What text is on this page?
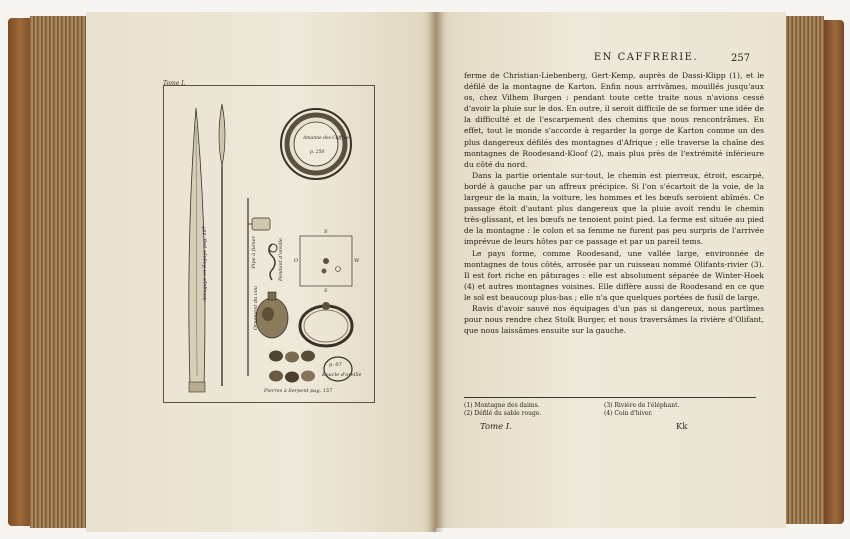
Tome I.
Assagaye ou Zagaye pag. 187
Amanne des Caffres
p. 250
Pipe à fumer	Pendant d'oreille
Ornement du cou
Boucle d'oreille
p. 07
Pierres à Serpent pag. 157
S
S
O	W
EN CAFFRERIE.	257

ferme de Christian-Liebenberg, Gert-Kemp, auprès de Dassi-Klipp (1), et le défilé de la montagne de Karton. Enfin nous arrivâmes, mouillés jusqu'aux os, chez Vilhem Burgen : pendant toute cette traite nous n'avions cessé d'avoir la pluie sur le dos. En outre, il seroit difficile de se former une idée de la difficulté et de l'escarpement des chemins que nous rencontrâmes. En effet, tout le monde s'accorde à regarder la gorge de Karton comme un des plus dangereux défilés des montagnes d'Afrique ; elle traverse la chaîne des montagnes de Roodesand-Kloof (2), mais plus près de l'extrémité inférieure du côté du nord.

Dans la partie orientale sur-tout, le chemin est pierreux, étroit, escarpé, bordé à gauche par un affreux précipice. Si l'on s'écartoit de la voie, de la largeur de la main, la voiture, les hommes et les bœufs seroient abîmés. Ce passage étoit d'autant plus dangereux que la pluie avoit rendu le chemin très-glissant, et les bœufs ne tenoient point pied. La ferme est située au pied de la montagne : le colon et sa femme ne furent pas peu surpris de l'arrivée imprévue de leurs hôtes par ce passage et par un pareil tems.

Le pays forme, comme Roodesand, une vallée large, environnée de montagnes de tous côtés, arrosée par un ruisseau nommé Olifants-rivier (3). Il est fort riche en pâturages : elle est absolument séparée de Winter-Hoek (4) et autres montagnes voisines. Elle diffère aussi de Roodesand en ce que le sol est beaucoup plus-bas ; elle n'a que quelques portées de fusil de large.

Ravis d'avoir sauvé nos équipages d'un pas si dangereux, nous partîmes pour nous rendre chez Stolk Burger, et nous traversâmes la rivière d'Olifant, que nous laissâmes ensuite sur la gauche.

(1) Montagne des daims.
(2) Défilé du sable rouge.
(3) Rivière de l'éléphant.
(4) Coin d'hiver.
Tome I.	Kk
